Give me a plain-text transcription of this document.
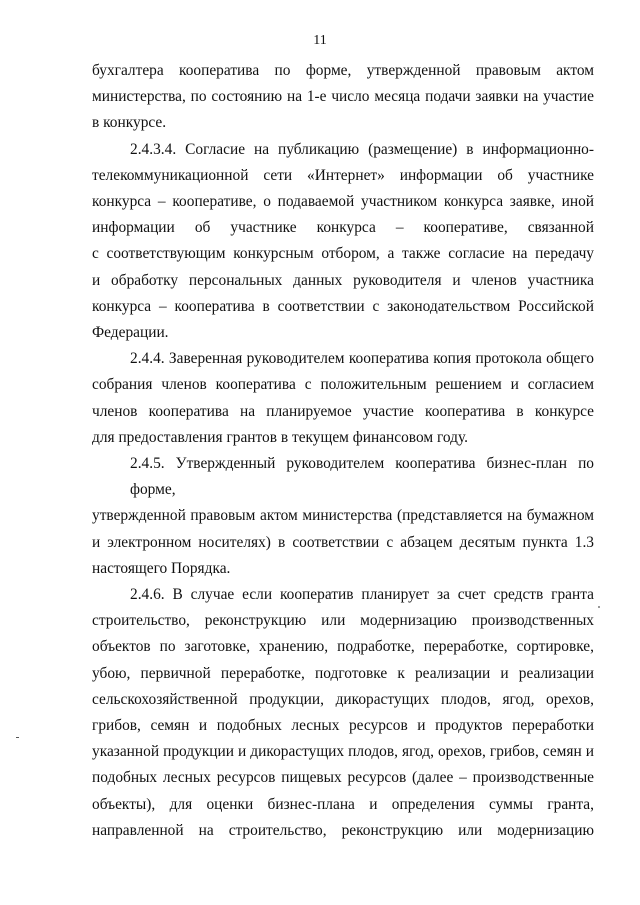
11
бухгалтера кооператива по форме, утвержденной правовым актом
министерства, по состоянию на 1-е число месяца подачи заявки на участие
в конкурсе.
2.4.3.4. Согласие на публикацию (размещение) в информационно-
телекоммуникационной сети «Интернет» информации об участнике
конкурса – кооперативе, о подаваемой участником конкурса заявке, иной
информации об участнике конкурса – кооперативе, связанной
с соответствующим конкурсным отбором, а также согласие на передачу
и обработку персональных данных руководителя и членов участника
конкурса – кооператива в соответствии с законодательством Российской
Федерации.
2.4.4. Заверенная руководителем кооператива копия протокола общего
собрания членов кооператива с положительным решением и согласием
членов кооператива на планируемое участие кооператива в конкурсе
для предоставления грантов в текущем финансовом году.
2.4.5. Утвержденный руководителем кооператива бизнес-план по форме,
утвержденной правовым актом министерства (представляется на бумажном
и электронном носителях) в соответствии с абзацем десятым пункта 1.3
настоящего Порядка.
2.4.6. В случае если кооператив планирует за счет средств гранта
строительство, реконструкцию или модернизацию производственных
объектов по заготовке, хранению, подработке, переработке, сортировке,
убою, первичной переработке, подготовке к реализации и реализации
сельскохозяйственной продукции, дикорастущих плодов, ягод, орехов,
грибов, семян и подобных лесных ресурсов и продуктов переработки
указанной продукции и дикорастущих плодов, ягод, орехов, грибов, семян и
подобных лесных ресурсов пищевых ресурсов (далее – производственные
объекты), для оценки бизнес-плана и определения суммы гранта,
направленной на строительство, реконструкцию или модернизацию
